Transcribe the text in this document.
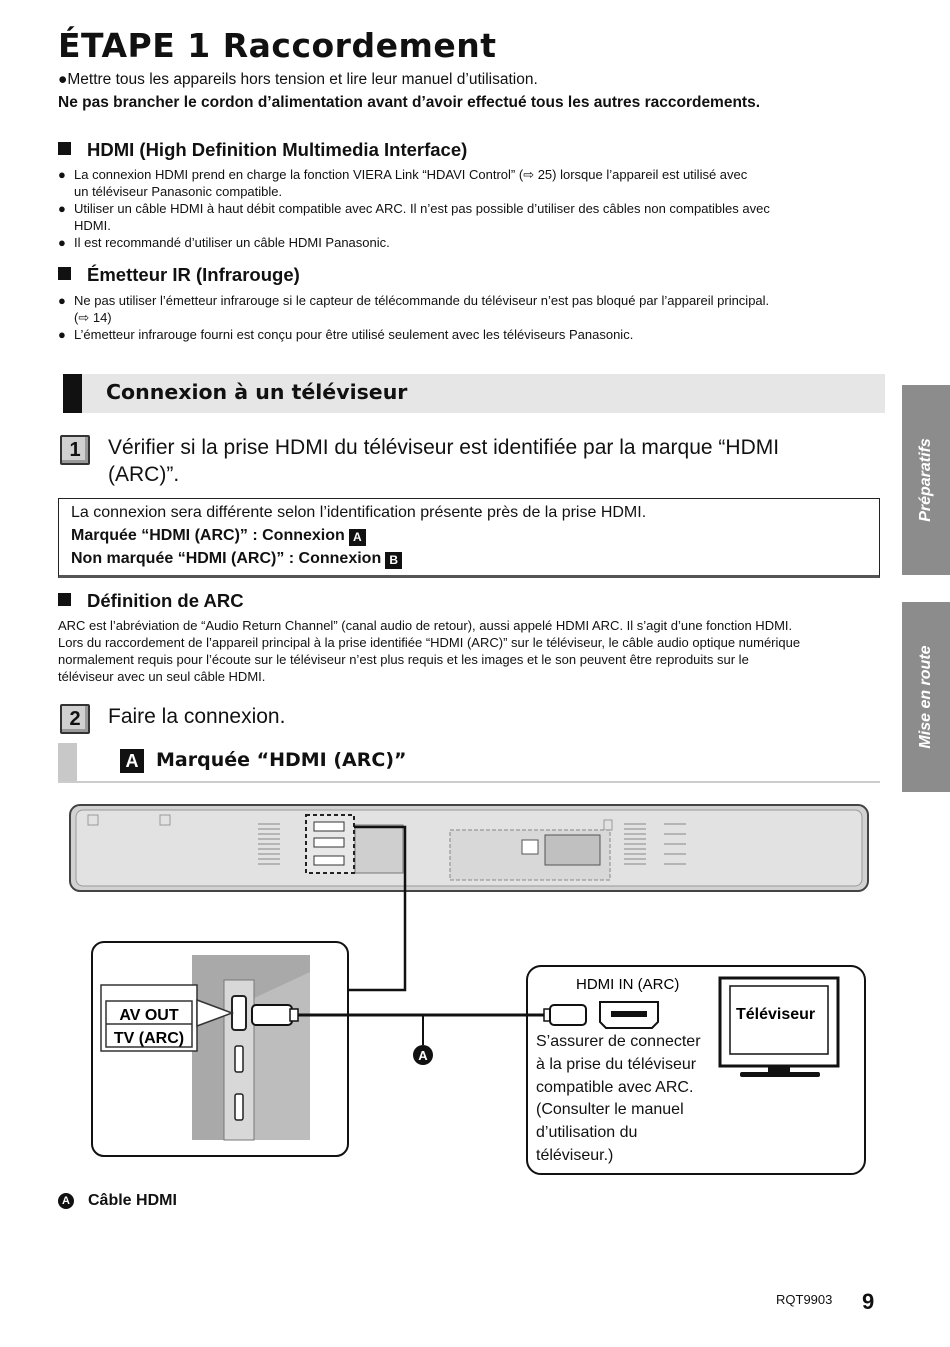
ÉTAPE 1 Raccordement
●Mettre tous les appareils hors tension et lire leur manuel d’utilisation.
Ne pas brancher le cordon d’alimentation avant d’avoir effectué tous les autres raccordements.
HDMI (High Definition Multimedia Interface)
● La connexion HDMI prend en charge la fonction VIERA Link “HDAVI Control” (⇨ 25) lorsque l’appareil est utilisé avec
un téléviseur Panasonic compatible.
● Utiliser un câble HDMI à haut débit compatible avec ARC. Il n’est pas possible d’utiliser des câbles non compatibles avec
HDMI.
● Il est recommandé d’utiliser un câble HDMI Panasonic.
Émetteur IR (Infrarouge)
● Ne pas utiliser l’émetteur infrarouge si le capteur de télécommande du téléviseur n’est pas bloqué par l’appareil principal.
(⇨ 14)
● L’émetteur infrarouge fourni est conçu pour être utilisé seulement avec les téléviseurs Panasonic.
Connexion à un téléviseur
Préparatifs
Mise en route
1	Vérifier si la prise HDMI du téléviseur est identifiée par la marque “HDMI
(ARC)”.
La connexion sera différente selon l’identification présente près de la prise HDMI.
Marquée “HDMI (ARC)” : Connexion A
Non marquée “HDMI (ARC)” : Connexion B
Définition de ARC
ARC est l’abréviation de “Audio Return Channel” (canal audio de retour), aussi appelé HDMI ARC. Il s’agit d’une fonction HDMI.
Lors du raccordement de l’appareil principal à la prise identifiée “HDMI (ARC)” sur le téléviseur, le câble audio optique numérique
normalement requis pour l’écoute sur le téléviseur n’est plus requis et les images et le son peuvent être reproduits sur le
téléviseur avec un seul câble HDMI.
2	Faire la connexion.
A Marquée “HDMI (ARC)”
AV OUT
TV (ARC)
A
HDMI IN (ARC)
Téléviseur
S’assurer de connecter
à la prise du téléviseur
compatible avec ARC.
(Consulter le manuel
d’utilisation du
téléviseur.)
A Câble HDMI
RQT9903 9
